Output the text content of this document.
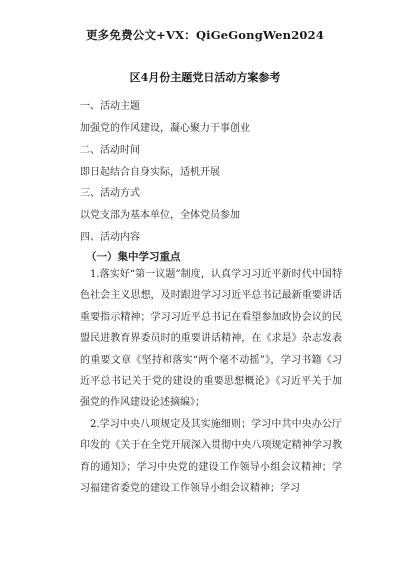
更多免费公文+VX：QiGeGongWen2024
区4月份主题党日活动方案参考
一、活动主题
加强党的作风建设，凝心聚力干事创业
二、活动时间
即日起结合自身实际，适机开展
三、活动方式
以党支部为基本单位，全体党员参加
四、活动内容
（一）集中学习重点
1.落实好“第一议题”制度，认真学习习近平新时代中国特色社会主义思想，及时跟进学习习近平总书记最新重要讲话重要指示精神；学习习近平总书记在看望参加政协会议的民盟民进教育界委员时的重要讲话精神，在《求是》杂志发表的重要文章《坚持和落实“两个毫不动摇”》，学习书籍《习近平总书记关于党的建设的重要思想概论》《习近平关于加强党的作风建设论述摘编》；
2.学习中央八项规定及其实施细则；学习中共中央办公厅印发的《关于在全党开展深入贯彻中央八项规定精神学习教育的通知》；学习中央党的建设工作领导小组会议精神；学习福建省委党的建设工作领导小组会议精神；学习
